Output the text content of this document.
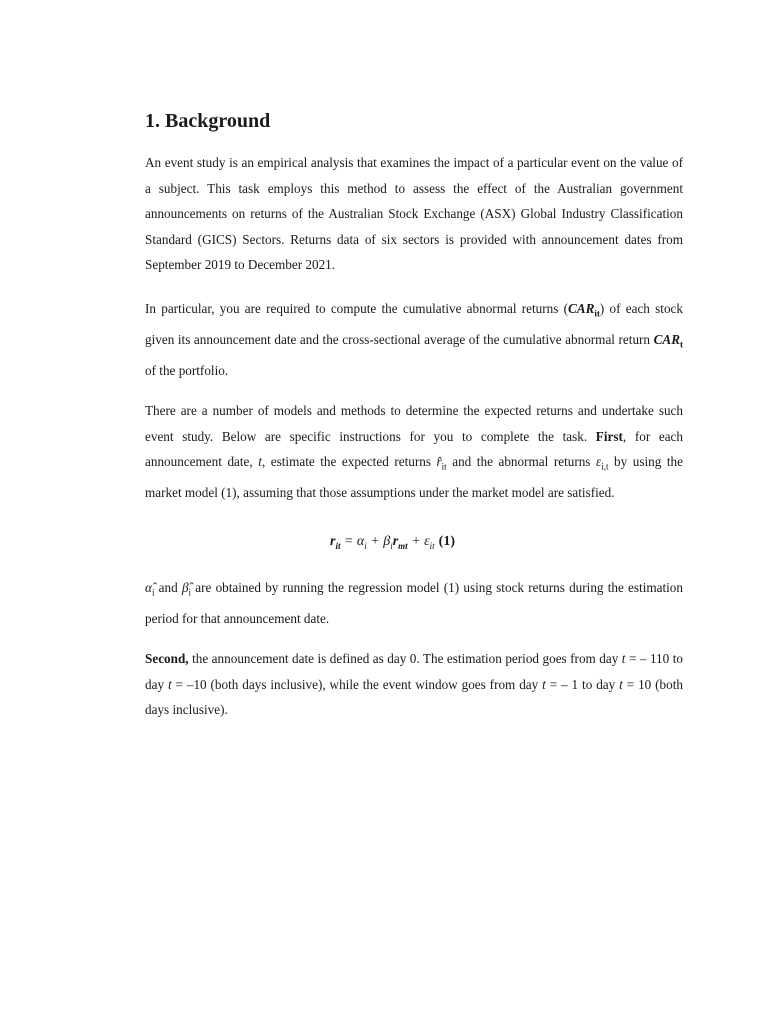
1. Background

An event study is an empirical analysis that examines the impact of a particular event on the value of a subject. This task employs this method to assess the effect of the Australian government announcements on returns of the Australian Stock Exchange (ASX) Global Industry Classification Standard (GICS) Sectors. Returns data of six sectors is provided with announcement dates from September 2019 to December 2021.

In particular, you are required to compute the cumulative abnormal returns $(CAR_{it})$ of each stock given its announcement date and the cross-sectional average of the cumulative abnormal return $CAR_t$ of the portfolio.

There are a number of models and methods to determine the expected returns and undertake such event study. Below are specific instructions for you to complete the task. First, for each announcement date, t, estimate the expected returns $r̂_{it}$ and the abnormal returns $\varepsilon_{i,t}$ by using the market model (1), assuming that those assumptions under the market model are satisfied.

$r_{it} = \alpha_i + \beta_ir_{mt} + \varepsilon_{it}$ (1)

$\alphâ_i$ and $\betâ_i$ are obtained by running the regression model (1) using stock returns during the estimation period for that announcement date.

Second, the announcement date is defined as day 0. The estimation period goes from day t = – 110 to day t = –10 (both days inclusive), while the event window goes from day t = – 1 to day t = 10 (both days inclusive).
